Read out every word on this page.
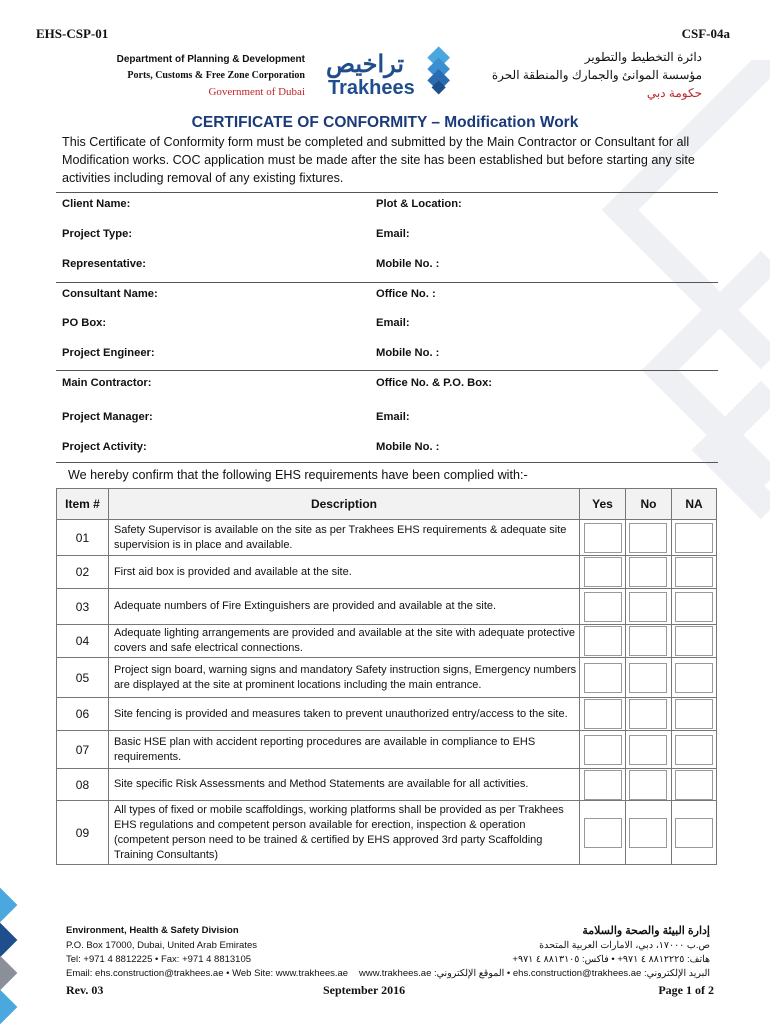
EHS-CSP-01	CSF-04a
Department of Planning & Development
Ports, Customs & Free Zone Corporation
Government of Dubai
تراخيص
Trakhees
دائرة التخطيط والتطوير
مؤسسة الموانئ والجمارك والمنطقة الحرة
حكومة دبي
CERTIFICATE OF CONFORMITY – Modification Work
This Certificate of Conformity form must be completed and submitted by the Main Contractor or Consultant for all Modification works. COC application must be made after the site has been established but before starting any site activities including removal of any existing fixtures.
Client Name:	Plot & Location:
Project Type:	Email:
Representative:	Mobile No. :
Consultant Name:	Office No. :
PO Box:	Email:
Project Engineer:	Mobile No. :
Main Contractor:	Office No. & P.O. Box:
Project Manager:	Email:
Project Activity:	Mobile No. :
We hereby confirm that the following EHS requirements have been complied with:-
Item #	Description	Yes	No	NA
01	Safety Supervisor is available on the site as per Trakhees EHS requirements & adequate site supervision is in place and available.	

02	First aid box is provided and available at the site.	

03	Adequate numbers of Fire Extinguishers are provided and available at the site.	

04	Adequate lighting arrangements are provided and available at the site with adequate protective covers and safe electrical connections.	

05	Project sign board, warning signs and mandatory Safety instruction signs, Emergency numbers are displayed at the site at prominent locations including the main entrance.	

06	Site fencing is provided and measures taken to prevent unauthorized entry/access to the site.	

07	Basic HSE plan with accident reporting procedures are available in compliance to EHS requirements.	

08	Site specific Risk Assessments and Method Statements are available for all activities.	

09	All types of fixed or mobile scaffoldings, working platforms shall be provided as per Trakhees EHS regulations and competent person available for erection, inspection & operation (competent person need to be trained & certified by EHS approved 3rd party Scaffolding Training Consultants)	

Environment, Health & Safety Division
P.O. Box 17000, Dubai, United Arab Emirates
Tel: +971 4 8812225 • Fax: +971 4 8813105
Email: ehs.construction@trakhees.ae • Web Site: www.trakhees.ae
إدارة البيئة والصحة والسلامة
ص.ب ١٧٠٠٠، دبي، الامارات العربية المتحدة
هاتف: ٨٨١٢٢٢٥ ٤ ٩٧١+ • فاكس: ٨٨١٣١٠٥ ٤ ٩٧١+
البريد الإلكتروني: ehs.construction@trakhees.ae • الموقع الإلكتروني: www.trakhees.ae
Rev. 03	September 2016	Page 1 of 2
